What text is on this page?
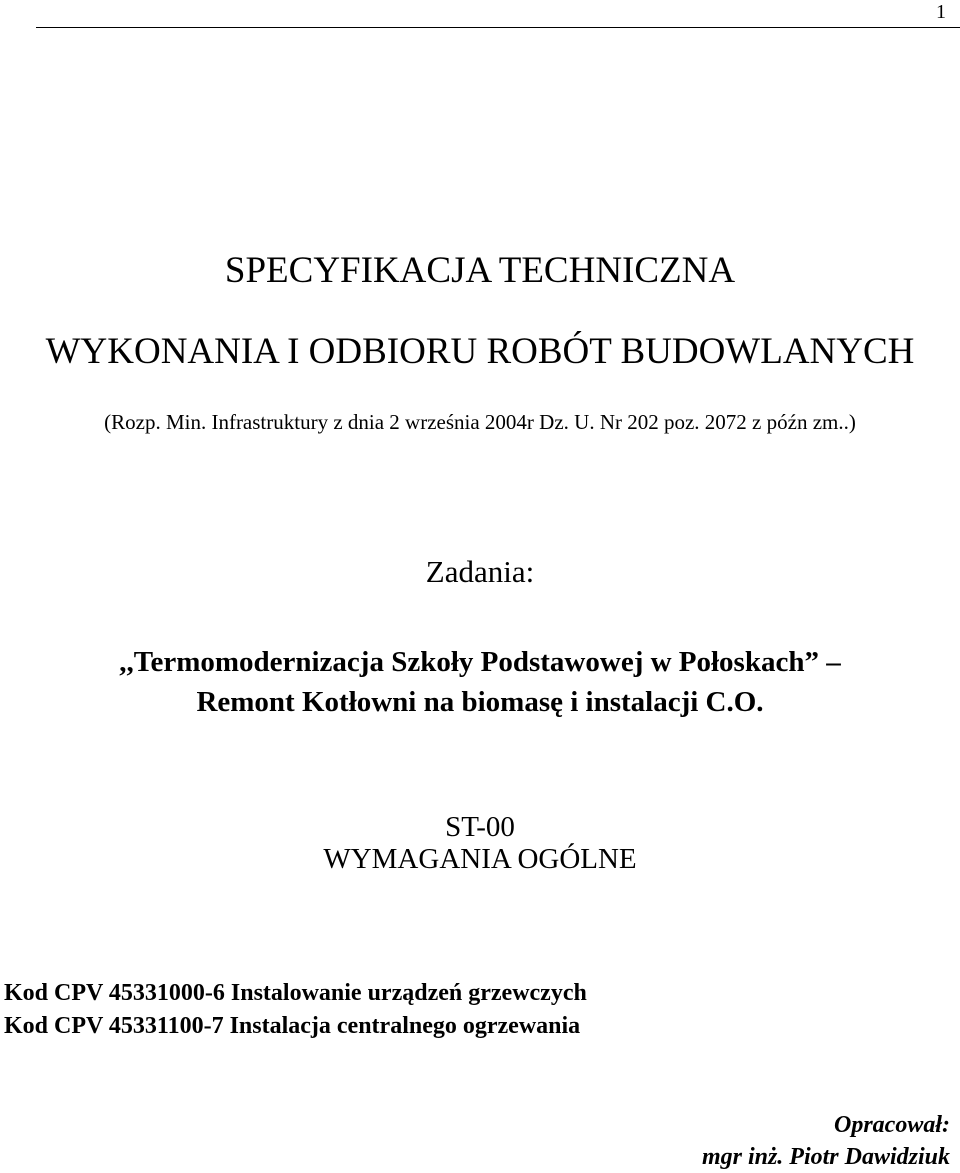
1
SPECYFIKACJA TECHNICZNA
WYKONANIA I ODBIORU ROBÓT BUDOWLANYCH
(Rozp. Min. Infrastruktury z dnia 2 września 2004r Dz. U. Nr 202 poz. 2072 z późn zm..)
Zadania:
,,Termomodernizacja Szkoły Podstawowej w Połoskach” –
Remont Kotłowni na biomasę i instalacji C.O.
ST-00
WYMAGANIA OGÓLNE
Kod CPV 45331000-6 Instalowanie urządzeń grzewczych
Kod CPV 45331100-7 Instalacja centralnego ogrzewania
Opracował:
mgr inż. Piotr Dawidziuk
